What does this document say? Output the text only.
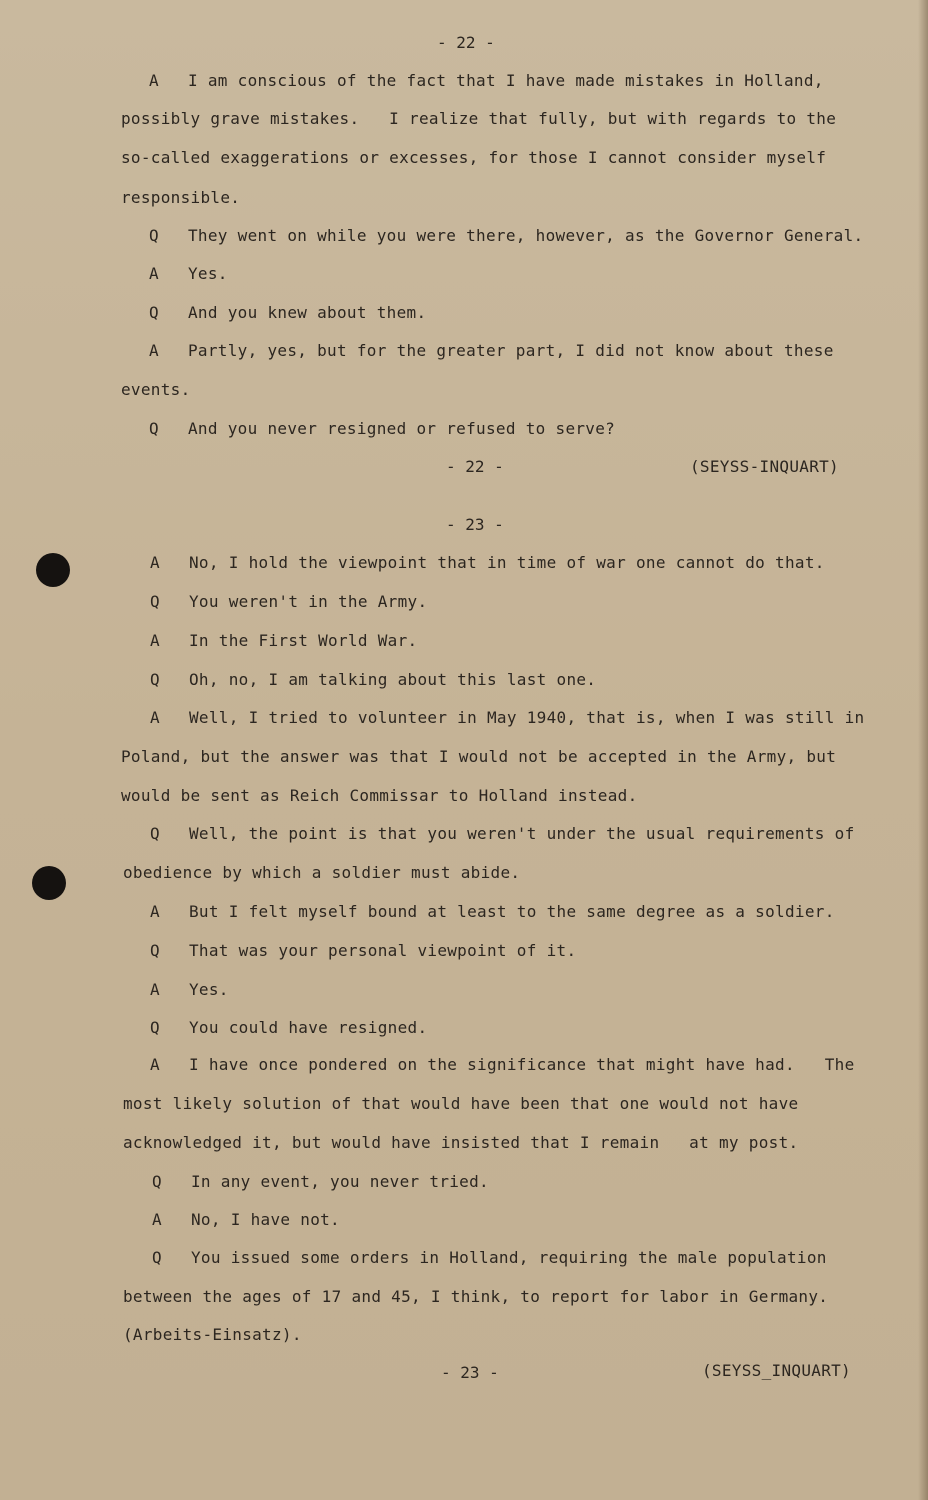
- 22 -
A I am conscious of the fact that I have made mistakes in Holland,
possibly grave mistakes.   I realize that fully, but with regards to the
so-called exaggerations or excesses, for those I cannot consider myself
responsible.
Q They went on while you were there, however, as the Governor General.
A Yes.
Q And you knew about them.
A Partly, yes, but for the greater part, I did not know about these
events.
Q And you never resigned or refused to serve?
- 22 -	(SEYSS-INQUART)
- 23 -
A No, I hold the viewpoint that in time of war one cannot do that.
Q You weren't in the Army.
A In the First World War.
Q Oh, no, I am talking about this last one.
A Well, I tried to volunteer in May 1940, that is, when I was still in
Poland, but the answer was that I would not be accepted in the Army, but
would be sent as Reich Commissar to Holland instead.
Q Well, the point is that you weren't under the usual requirements of
obedience by which a soldier must abide.
A But I felt myself bound at least to the same degree as a soldier.
Q That was your personal viewpoint of it.
A Yes.
Q You could have resigned.
A I have once pondered on the significance that might have had.   The
most likely solution of that would have been that one would not have
acknowledged it, but would have insisted that I remain   at my post.
Q In any event, you never tried.
A No, I have not.
Q You issued some orders in Holland, requiring the male population
between the ages of 17 and 45, I think, to report for labor in Germany.
(Arbeits-Einsatz).
- 23 -	(SEYSS_INQUART)
